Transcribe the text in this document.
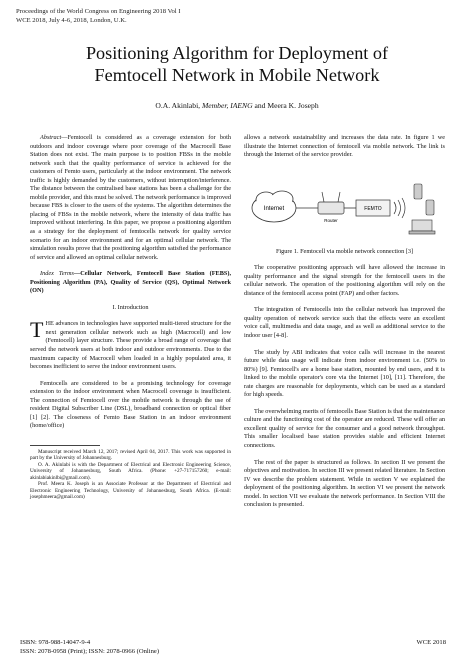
Proceedings of the World Congress on Engineering 2018 Vol I
WCE 2018, July 4-6, 2018, London, U.K.
Positioning Algorithm for Deployment of
Femtocell Network in Mobile Network
O.A. Akinlabi, Member, IAENG and Meera K. Joseph

Abstract—Femtocell is considered as a coverage extension for both outdoors and indoor coverage where poor coverage of the Macrocell Base Station does not exist. The main purpose is to position FBSs in the mobile network such that the quality performance of service is achieved for the customers of Femto users, particularly at the indoor environment. The network traffic is highly demanded by the customers, without interruption/interference. The distance between the centralised base stations has been a challenge for the mobile provider, and this must be solved. The network performance is improved because FBS is closer to the users of the systems. The algorithm determines the placing of FBSs in the mobile network, where the intensity of data traffic has improved without interfering. In this paper, we propose a positioning algorithm as a strategy for the deployment of femtocells network for quality service scenario for an indoor environment and for an optimal cellular network. The simulation results prove that the positioning algorithm satisfied the performance of service and allowed an optimal cellular network.

Index Terms—Cellular Network, Femtocell Base Station (FEBS), Positioning Algorithm (PA), Quality of Service (QS), Optimal Network (ON)

I. Introduction

THE advances in technologies have supported multi-tiered structure for the next generation cellular network such as high (Macrocell) and low (Femtocell) layer structure. These provide a broad range of coverage that served the network users at both indoor and outdoor environments. Due to the maximum capacity of Macrocell when loaded in a highly populated area, it becomes inefficient to serve the indoor environment users.

Femtocells are considered to be a promising technology for coverage extension to the indoor environment when Macrocell coverage is insufficient. The connection of Femtocell over the mobile network is through the use of resident Digital Subscriber Line (DSL), broadband connection or optical fiber [1] [2]. The closeness of Femto Base Station in an indoor environment (home/office)

Manuscript received March 12, 2017; revised April 04, 2017. This work was supported in part by the University of Johannesburg.
O. A. Akinlabi is with the Department of Electrical and Electronic Engineering Science, University of Johannesburg, South Africa. (Phone: +27-717157260; e-mail: akinlabiakinlbi@gmail.com).
Prof. Meera K. Joseph is an Associate Professor at the Department of Electrical and Electronic Engineering Technology, University of Johannesburg, South Africa. (E-mail: josephmeera@gmail.com)

allows a network sustainability and increases the data rate. In figure 1 we illustrate the Internet connection of femtocell via mobile network. The link is through the Internet of the service provider.

Internet
Router
FEMTO

Figure 1. Femtocell via mobile network connection [3]

The cooperative positioning approach will have allowed the increase in quality performance and the signal strength for the femtocell users in the cellular network. The operation of the positioning algorithm will rely on the distance of the femtocell access point (FAP) and other factors.

The integration of Femtocells into the cellular network has improved the quality operation of network service such that the effects were an excellent voice call, multimedia and data usage, and as well as additional service to the indoor user [4-8].

The study by ABI indicates that voice calls will increase in the nearest future while data usage will indicate from indoor environment i.e. (50% to 80%) [9]. Femtocell's are a home base station, mounted by end users, and it is linked to the mobile operator's core via the Internet [10], [11]. Therefore, the rate charges are reasonable for deployments, which can be used as a standard for high speeds.

The overwhelming merits of femtocells Base Station is that the maintenance culture and the functioning cost of the operator are reduced. These will offer an excellent quality of service for the consumer and a good network throughput. This smaller localised base station provides stable and efficient Internet connections.

The rest of the paper is structured as follows. In section II we present the objectives and motivation. In section III we present related literature. In Section IV we describe the problem statement. While in section V we explained the deployment of the positioning algorithm. In section VI we present the network model. In section VII we evaluate the network performance. In Section VIII the conclusion is presented.

ISBN: 978-988-14047-9-4
ISSN: 2078-0958 (Print); ISSN: 2078-0966 (Online)
WCE 2018
